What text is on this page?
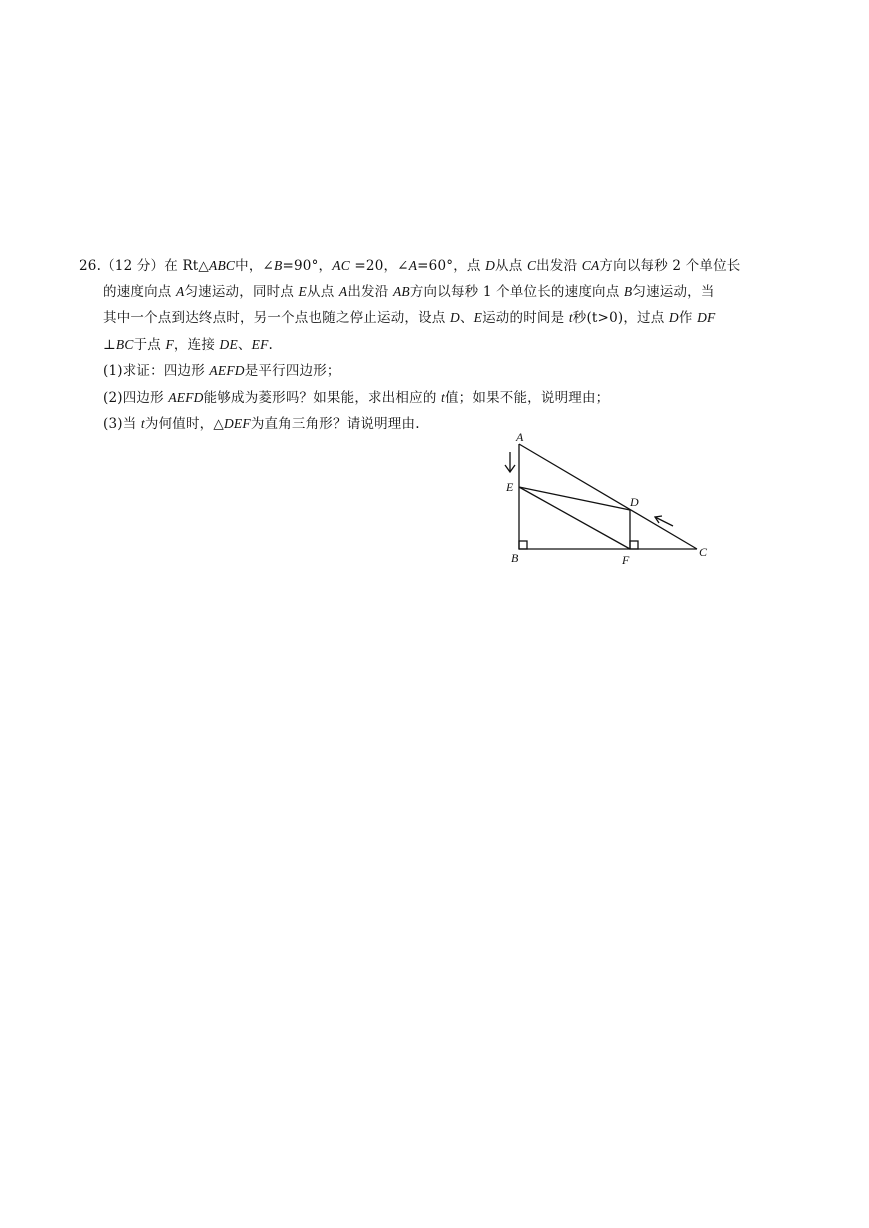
26.（12 分）在 Rt△ABC中，∠B=90°，AC =20，∠A=60°，点 D从点 C出发沿 CA方向以每秒 2 个单位长
的速度向点 A匀速运动，同时点 E从点 A出发沿 AB方向以每秒 1 个单位长的速度向点 B匀速运动，当
其中一个点到达终点时，另一个点也随之停止运动，设点 D、E运动的时间是 t秒(t>0)，过点 D作 DF
⊥BC于点 F，连接 DE、EF.
(1)求证：四边形 AEFD是平行四边形；
(2)四边形 AEFD能够成为菱形吗？如果能，求出相应的 t值；如果不能，说明理由；
(3)当 t为何值时，△DEF为直角三角形？请说明理由.
A
E
D
B	F
C
